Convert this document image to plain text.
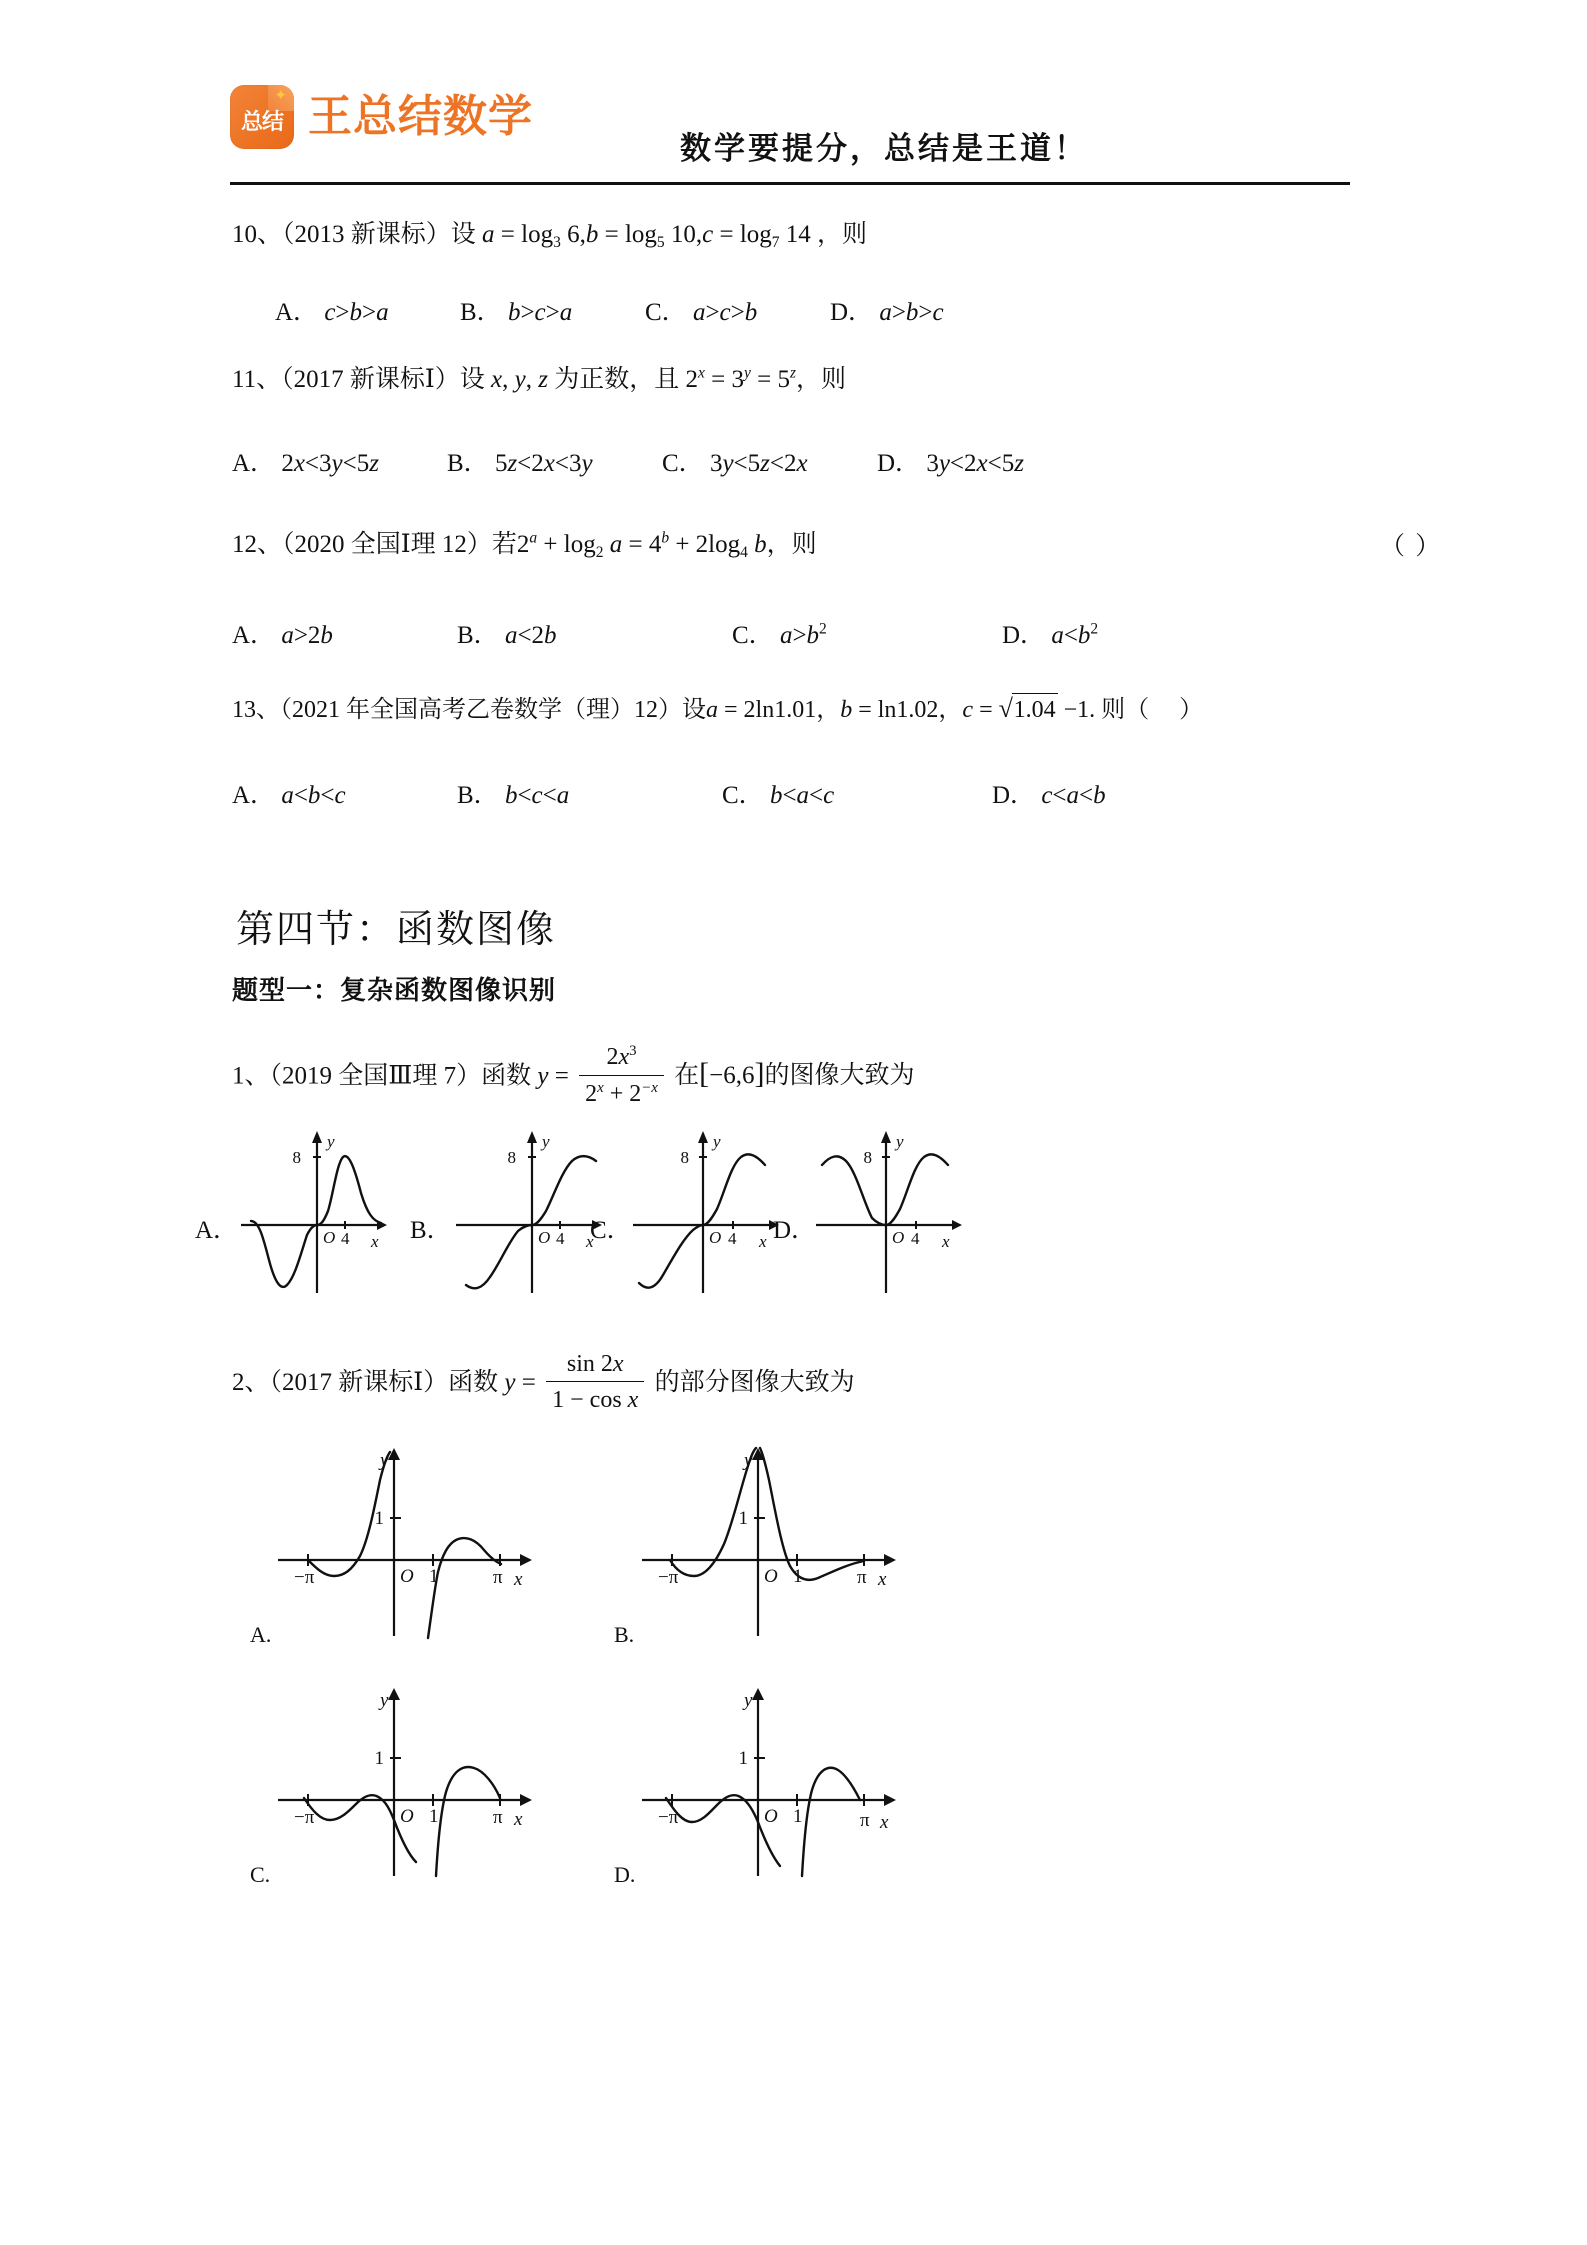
✦
总结 王总结数学
数学要提分，总结是王道！
10、（2013 新课标）设 $a = \log_3 6,b = \log_5 10,c = \log_7 14$ ，则
A． c>b>a	B． b>c>a	C． a>c>b	D． a>b>c
11、（2017 新课标Ⅰ）设 x, y, z 为正数，且 $2^x = 3^y = 5^z$，则
A． 2x<3y<5z	B． 5z<2x<3y	C． 3y<5z<2x	D． 3y<2x<5z
12、（2020 全国Ⅰ理 12）若$2^a + \log_2 a = 4^b + 2\log_4$ b，则	（ ）
A． a>2b	B． a<2b	C． $a>b^2$	D． $a<b^2$
13、（2021 年全国高考乙卷数学（理）12）设a = 2ln1.01，b = ln1.02，c = √ 1.04 −1. 则（     ）
A． a<b<c	B． b<c<a	C． b<a<c	D． c<a<b
第四节：函数图像
题型一：复杂函数图像识别
1、（2019 全国Ⅲ理 7）函数 $y = \frac{2x^3}{2^x + 2^{-x}}$ 在[−6,6]的图像大致为
A．
8
y
O 4 x B．
8
y
O 4 x
C．
8
y
O 4 x D．
8
y
O 4 x
2、（2017 新课标Ⅰ）函数 $y = \frac{\sin 2x}{\text{1 − cos x}}$ 的部分图像大致为
1
y
O 1	π
−π	x
A.
1
y
O 1	π
−π	x
B.
1
y
O 1	π
−π	x
C.
1
y
O 1	π
−π	x
D.
